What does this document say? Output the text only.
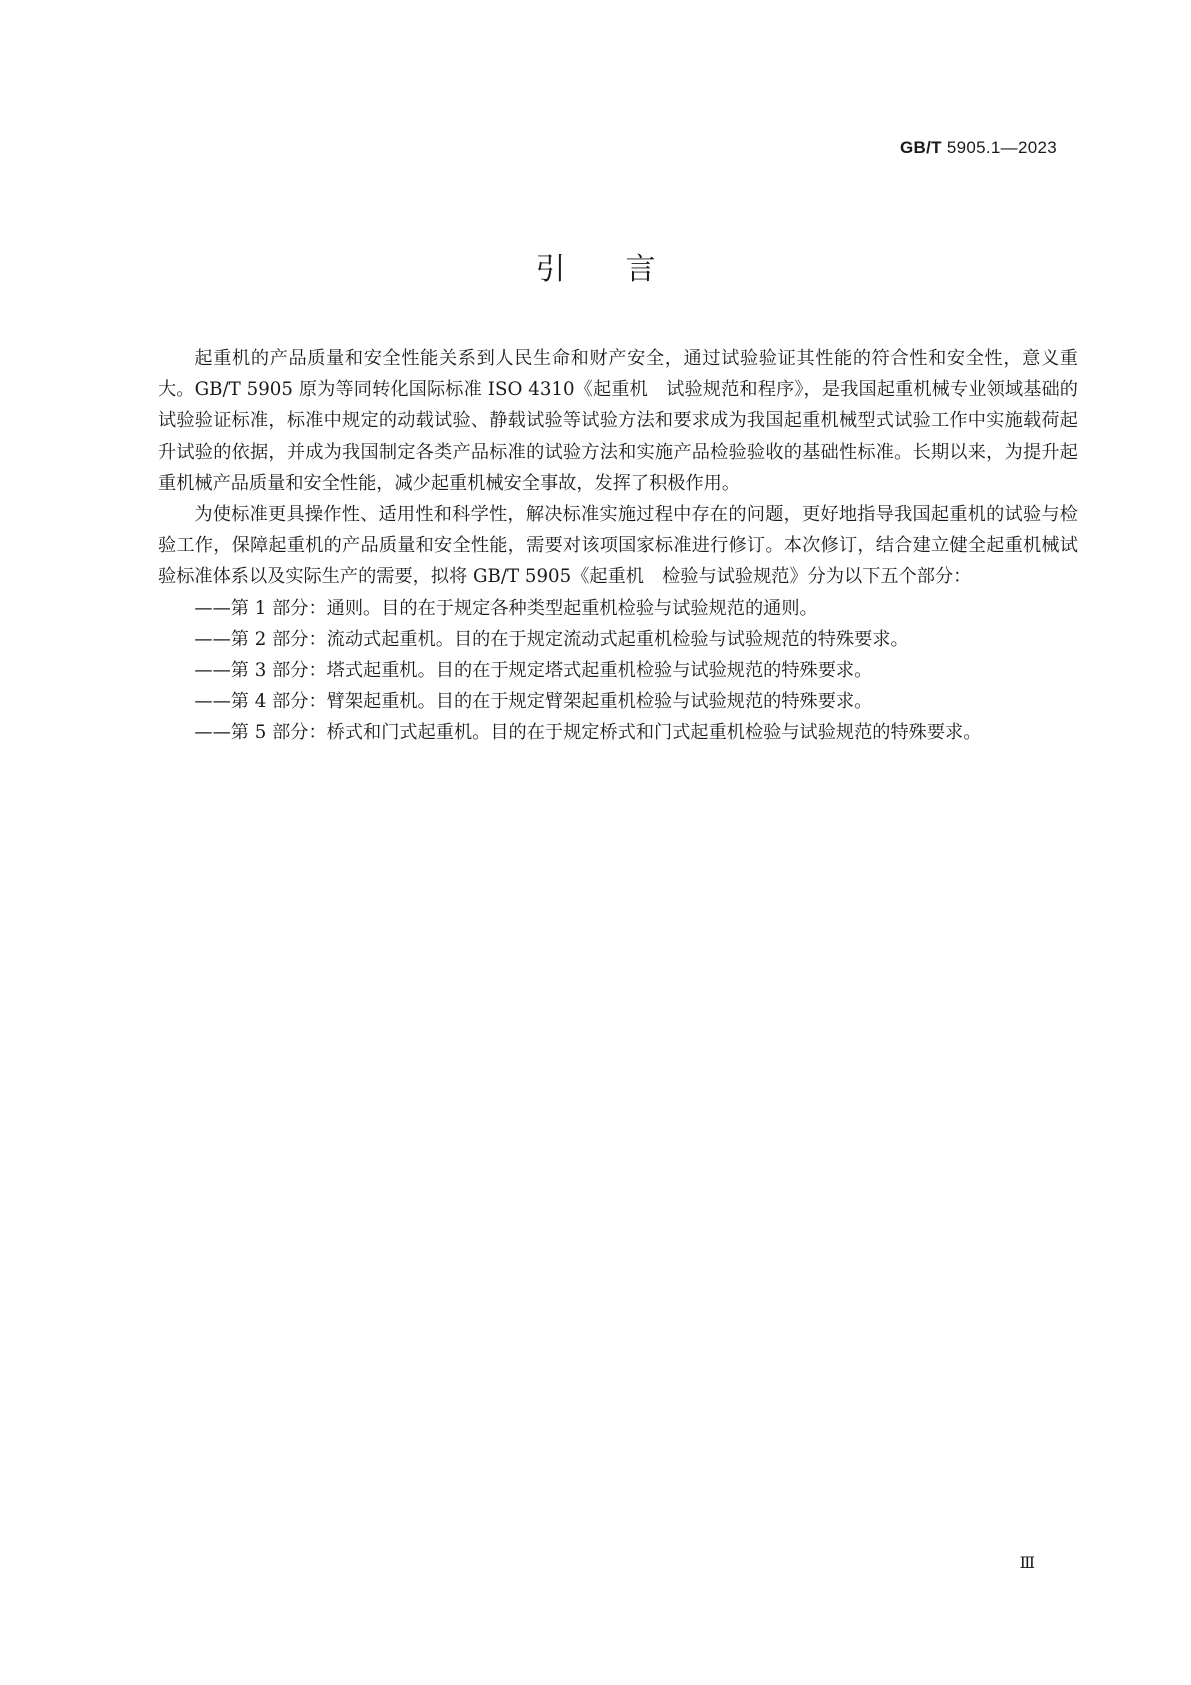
GB/T 5905.1—2023
引言

起重机的产品质量和安全性能关系到人民生命和财产安全，通过试验验证其性能的符合性和安全性，意义重大。GB/T 5905 原为等同转化国际标准 ISO 4310《起重机　试验规范和程序》，是我国起重机械专业领域基础的试验验证标准，标准中规定的动载试验、静载试验等试验方法和要求成为我国起重机械型式试验工作中实施载荷起升试验的依据，并成为我国制定各类产品标准的试验方法和实施产品检验验收的基础性标准。长期以来，为提升起重机械产品质量和安全性能，减少起重机械安全事故，发挥了积极作用。

为使标准更具操作性、适用性和科学性，解决标准实施过程中存在的问题，更好地指导我国起重机的试验与检验工作，保障起重机的产品质量和安全性能，需要对该项国家标准进行修订。本次修订，结合建立健全起重机械试验标准体系以及实际生产的需要，拟将 GB/T 5905《起重机　检验与试验规范》分为以下五个部分：

——第 1 部分：通则。目的在于规定各种类型起重机检验与试验规范的通则。
——第 2 部分：流动式起重机。目的在于规定流动式起重机检验与试验规范的特殊要求。
——第 3 部分：塔式起重机。目的在于规定塔式起重机检验与试验规范的特殊要求。
——第 4 部分：臂架起重机。目的在于规定臂架起重机检验与试验规范的特殊要求。
——第 5 部分：桥式和门式起重机。目的在于规定桥式和门式起重机检验与试验规范的特殊要求。
Ⅲ
